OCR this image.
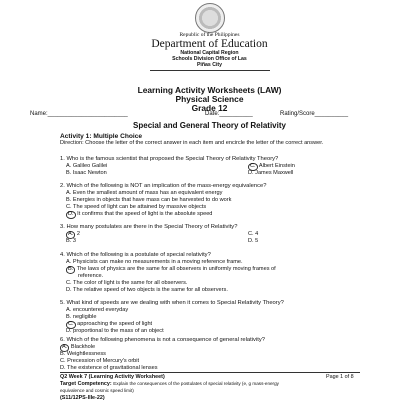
Republic of the Philippines
Department of Education
National Capital Region
Schools Division Office of Las
Piñas City
Learning Activity Worksheets (LAW)
Physical Science
Grade 12
Name:________________________	Date:__________	Rating/Score__________
Special and General Theory of Relativity
Activity 1: Multiple Choice
Direction: Choose the letter of the correct answer in each item and encircle the letter of the correct answer.
1. Who is the famous scientist that proposed the Special Theory of Relativity Theory?
A. Galileo Galilei
B. Isaac Newton
C. Albert Einstein
D. James Maxwell
2. Which of the following is NOT an implication of the mass-energy equivalence?
A. Even the smallest amount of mass has an equivalent energy
B. Energies in objects that have mass can be harvested to do work
C. The speed of light can be attained by massive objects
D. It confirms that the speed of light is the absolute speed
3. How many postulates are there in the Special Theory of Relativity?
A. 2
B. 3
C. 4
D. 5
4. Which of the following is a postulate of special relativity?
A. Physicists can make no measurements in a moving reference frame.
B. The laws of physics are the same for all observers in uniformly moving frames of
reference.
C. The color of light is the same for all observers.
D. The relative speed of two objects is the same for all observers.
5. What kind of speeds are we dealing with when it comes to Special Relativity Theory?
A. encountered everyday
B. negligible
C. approaching the speed of light
D. proportional to the mass of an object
6. Which of the following phenomena is not a consequence of general relativity?
A. Blackhole
B. Weightlessness
C. Precession of Mercury's orbit
D. The existence of gravitational lenses
Q2 Week 7 (Learning Activity Worksheet)	Page 1 of 8
Target Competency: Explain the consequences of the postulates of special relativity (e, g mass-energy
equivalence and cosmic speed limit)
(S11/12PS-IIIe-22)
